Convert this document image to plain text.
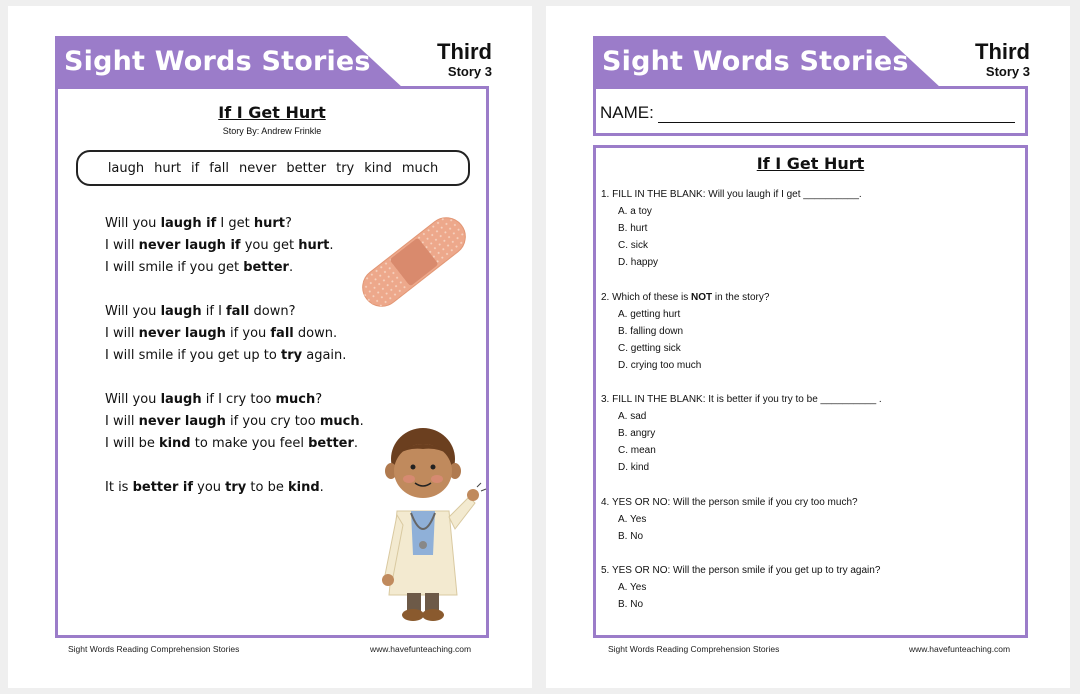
Sight Words Stories	Third
Story 3
If I Get Hurt
Story By: Andrew Frinkle
laugh hurt if fall never better try kind much
Will you laugh if I get hurt?
I will never laugh if you get hurt.
I will smile if you get better.
Will you laugh if I fall down?
I will never laugh if you fall down.
I will smile if you get up to try again.
Will you laugh if I cry too much?
I will never laugh if you cry too much.
I will be kind to make you feel better.
It is better if you try to be kind.
Sight Words Reading Comprehension Stories	www.havefunteaching.com
Sight Words Stories	Third
Story 3
NAME:
If I Get Hurt
1. FILL IN THE BLANK: Will you laugh if I get __________.
A. a toy
B. hurt
C. sick
D. happy
2. Which of these is NOT in the story?
A. getting hurt
B. falling down
C. getting sick
D. crying too much
3. FILL IN THE BLANK: It is better if you try to be __________ .
A. sad
B. angry
C. mean
D. kind
4. YES OR NO: Will the person smile if you cry too much?
A. Yes
B. No
5. YES OR NO: Will the person smile if you get up to try again?
A. Yes
B. No
Sight Words Reading Comprehension Stories	www.havefunteaching.com
